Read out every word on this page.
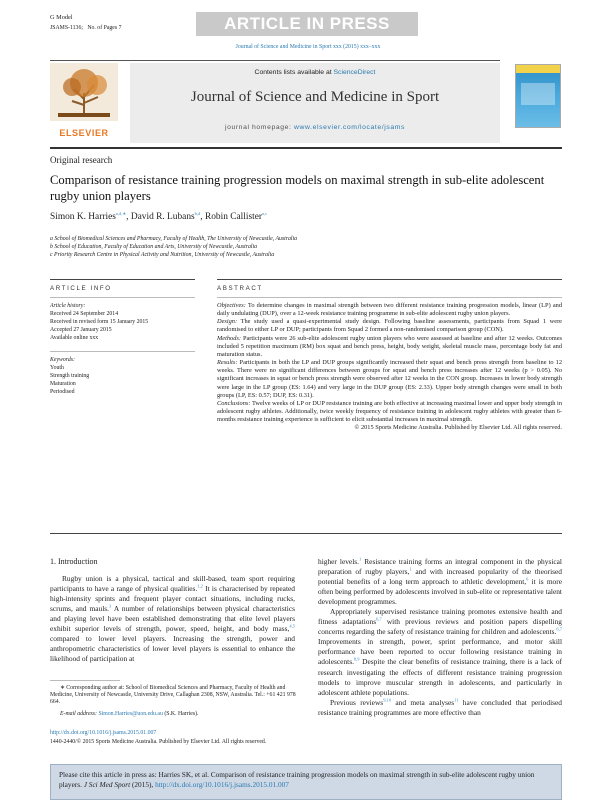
G Model
JSAMS-1136; No. of Pages 7	ARTICLE IN PRESS
Journal of Science and Medicine in Sport xxx (2015) xxx–xxx
ELSEVIER
Contents lists available at ScienceDirect
Journal of Science and Medicine in Sport
journal homepage: www.elsevier.com/locate/jsams
Original research
Comparison of resistance training progression models on maximal strength in sub-elite adolescent rugby union players
Simon K. Harries$^{a,d,∗}$, David R. Lubans$^{b,d}$, Robin Callister$^{a,c}$
a School of Biomedical Sciences and Pharmacy, Faculty of Health, The University of Newcastle, Australia
b School of Education, Faculty of Education and Arts, University of Newcastle, Australia
c Priority Research Centre in Physical Activity and Nutrition, University of Newcastle, Australia
ARTICLE INFO
Article history:
Received 24 September 2014
Received in revised form 15 January 2015
Accepted 27 January 2015
Available online xxx
Keywords:
Youth
Strength training
Maturation
Periodised
ABSTRACT

Objectives: To determine changes in maximal strength between two different resistance training progression models, linear (LP) and daily undulating (DUP), over a 12-week resistance training programme in sub-elite adolescent rugby union players.

Design: The study used a quasi-experimental study design. Following baseline assessments, participants from Squad 1 were randomised to either LP or DUP; participants from Squad 2 formed a non-randomised comparison group (CON).

Methods: Participants were 26 sub-elite adolescent rugby union players who were assessed at baseline and after 12 weeks. Outcomes included 5 repetition maximum (RM) box squat and bench press, height, body weight, skeletal muscle mass, percentage body fat and maturation status.

Results: Participants in both the LP and DUP groups significantly increased their squat and bench press strength from baseline to 12 weeks. There were no significant differences between groups for squat and bench press increases after 12 weeks (p > 0.05). No significant increases in squat or bench press strength were observed after 12 weeks in the CON group. Increases in lower body strength were large in the LP group (ES: 1.64) and very large in the DUP group (ES: 2.33). Upper body strength changes were small in both groups (LP, ES: 0.57; DUP, ES: 0.31).

Conclusions: Twelve weeks of LP or DUP resistance training are both effective at increasing maximal lower and upper body strength in adolescent rugby athletes. Additionally, twice weekly frequency of resistance training in adolescent rugby athletes with greater than 6-months resistance training experience is sufficient to elicit substantial increases in maximal strength.

© 2015 Sports Medicine Australia. Published by Elsevier Ltd. All rights reserved.

1. Introduction
Rugby union is a physical, tactical and skill-based, team sport requiring participants to have a range of physical qualities.$^{1,2}$ It is characterised by repeated high-intensity sprints and frequent player contact situations, including rucks, scrums, and mauls.$^3$ A number of relationships between physical characteristics and playing level have been established demonstrating that elite level players exhibit superior levels of strength, power, speed, height, and body mass,$^{4,5}$ compared to lower level players. Increasing the strength, power and anthropometric characteristics of lower level players is essential to enhance the likelihood of participation at

higher levels.$^1$ Resistance training forms an integral component in the physical preparation of rugby players,$^1$ and with increased popularity of the theorised potential benefits of a long term approach to athletic development,$^6$ it is more often being performed by adolescents involved in sub-elite or representative talent development programmes.

Appropriately supervised resistance training promotes extensive health and fitness adaptations$^{6,7}$ with previous reviews and position papers dispelling concerns regarding the safety of resistance training for children and adolescents.$^{6,7}$ Improvements in strength, power, sprint performance, and motor skill performance have been reported to occur following resistance training in adolescents.$^{8,9}$ Despite the clear benefits of resistance training, there is a lack of research investigating the effects of different resistance training progression models to improve muscular strength in adolescents, and particularly in adolescent athlete populations.

Previous reviews$^{9,10}$ and meta analyses$^{11}$ have concluded that periodised resistance training programmes are more effective than

∗ Corresponding author at: School of Biomedical Sciences and Pharmacy, Faculty of Health and Medicine, University of Newcastle, University Drive, Callaghan 2308, NSW, Australia. Tel.: +61 421 978 664.
E-mail address: Simon.Harries@uon.edu.au (S.K. Harries).
http://dx.doi.org/10.1016/j.jsams.2015.01.007
1440-2440/© 2015 Sports Medicine Australia. Published by Elsevier Ltd. All rights reserved.
Please cite this article in press as: Harries SK, et al. Comparison of resistance training progression models on maximal strength in sub-elite adolescent rugby union players. J Sci Med Sport (2015), http://dx.doi.org/10.1016/j.jsams.2015.01.007
